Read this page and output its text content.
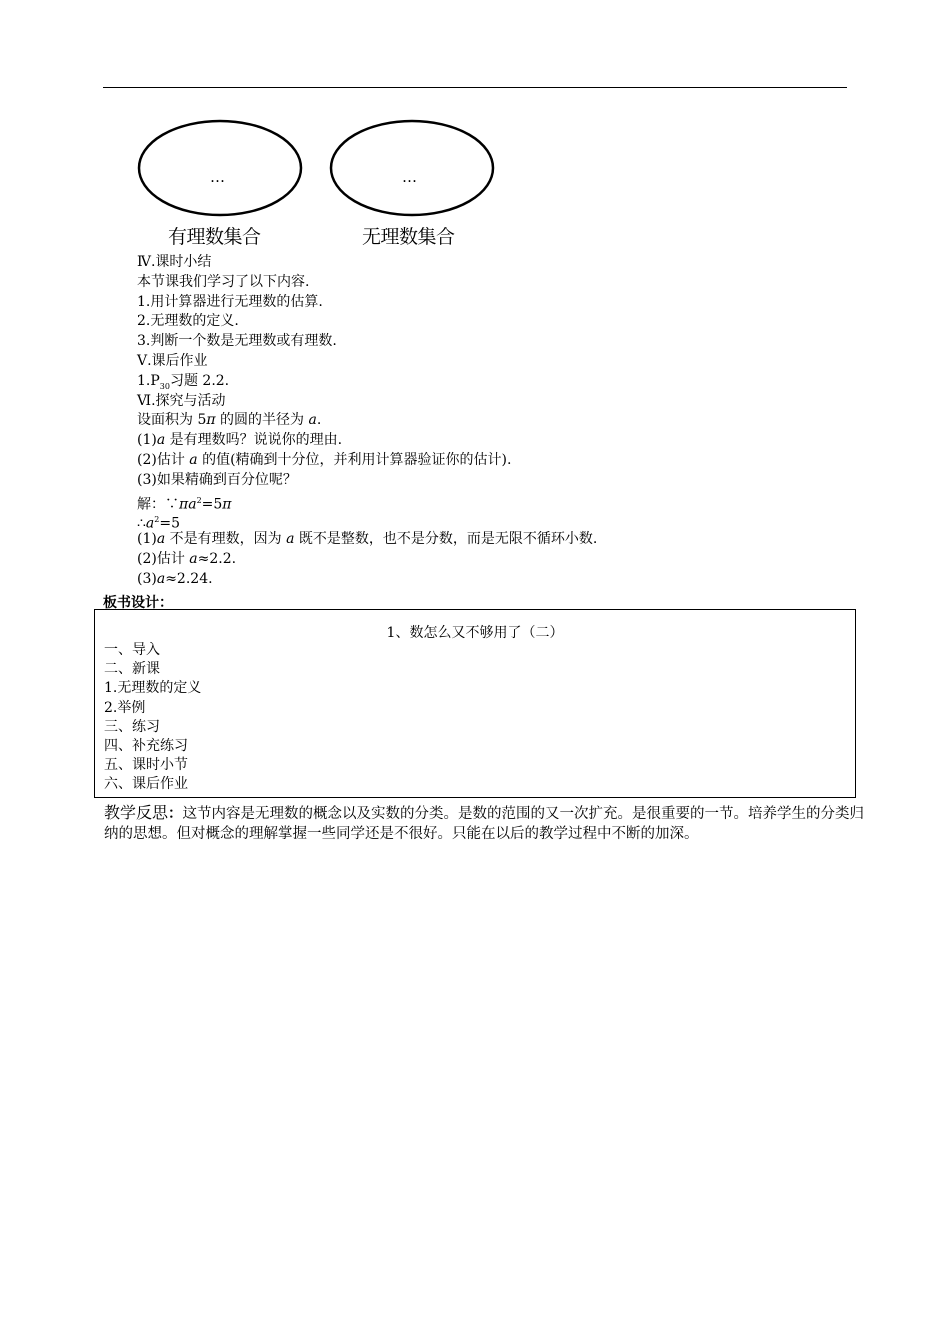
…	…
有理数集合	无理数集合
Ⅳ.课时小结
本节课我们学习了以下内容.
1.用计算器进行无理数的估算.
2.无理数的定义.
3.判断一个数是无理数或有理数.
Ⅴ.课后作业
$1.P_{30}$习题 2.2.
Ⅵ.探究与活动
设面积为 5π 的圆的半径为 a.
(1)a 是有理数吗？说说你的理由.
(2)估计 a 的值(精确到十分位，并利用计算器验证你的估计).
(3)如果精确到百分位呢？
解：$\because\pi a^2=5\pi$
$\therefore a^2=5$
(1)a 不是有理数，因为 a 既不是整数，也不是分数，而是无限不循环小数.
(2)估计 a≈2.2.
(3)a≈2.24.
板书设计：
1、数怎么又不够用了（二）
一、导入
二、新课
1.无理数的定义
2.举例
三、练习
四、补充练习
五、课时小节
六、课后作业
教学反思：这节内容是无理数的概念以及实数的分类。是数的范围的又一次扩充。是很重要的一节。培养学生的分类归纳的思想。但对概念的理解掌握一些同学还是不很好。只能在以后的教学过程中不断的加深。
